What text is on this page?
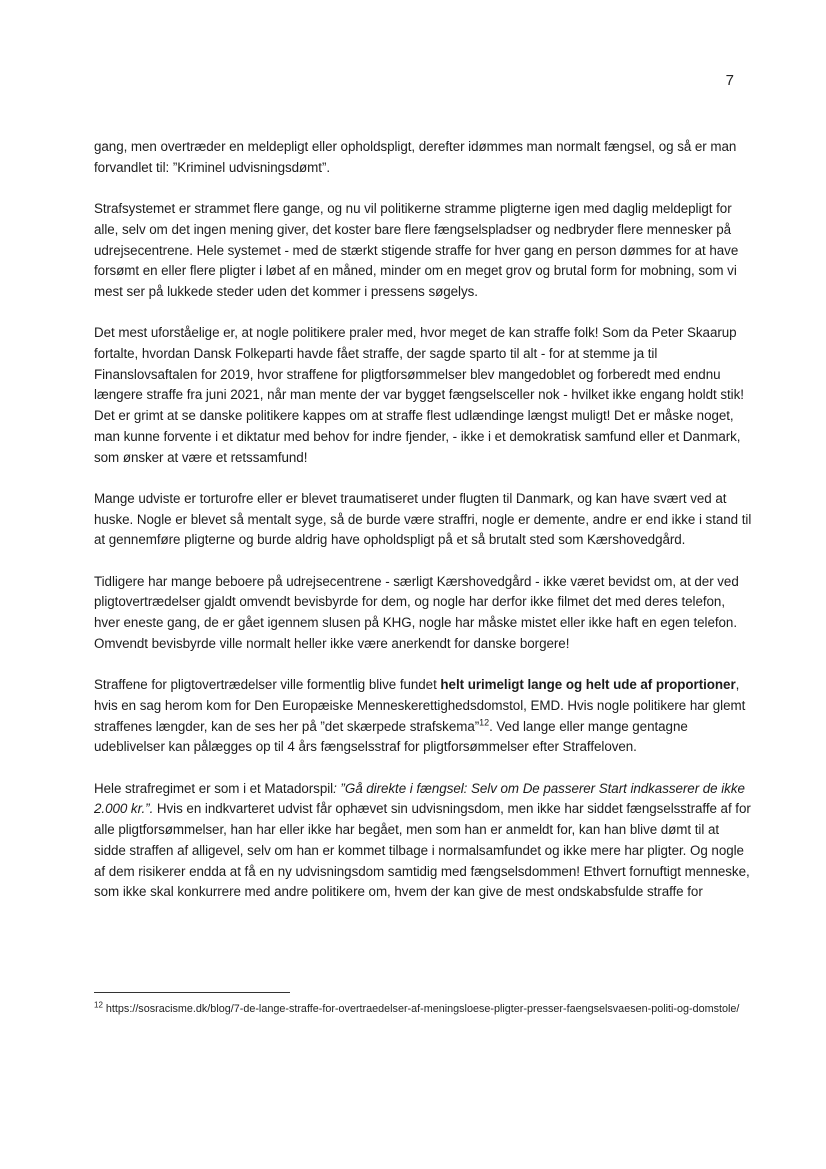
7

gang, men overtræder en meldepligt eller opholdspligt, derefter idømmes man normalt fængsel, og så er man forvandlet til: ”Kriminel udvisningsdømt”.

Strafsystemet er strammet flere gange, og nu vil politikerne stramme pligterne igen med daglig meldepligt for alle, selv om det ingen mening giver, det koster bare flere fængselspladser og nedbryder flere mennesker på udrejsecentrene. Hele systemet - med de stærkt stigende straffe for hver gang en person dømmes for at have forsømt en eller flere pligter i løbet af en måned, minder om en meget grov og brutal form for mobning, som vi mest ser på lukkede steder uden det kommer i pressens søgelys.

Det mest uforståelige er, at nogle politikere praler med, hvor meget de kan straffe folk! Som da Peter Skaarup fortalte, hvordan Dansk Folkeparti havde fået straffe, der sagde sparto til alt - for at stemme ja til Finanslovsaftalen for 2019, hvor straffene for pligtforsømmelser blev mangedoblet og forberedt med endnu længere straffe fra juni 2021, når man mente der var bygget fængselsceller nok - hvilket ikke engang holdt stik! Det er grimt at se danske politikere kappes om at straffe flest udlændinge længst muligt! Det er måske noget, man kunne forvente i et diktatur med behov for indre fjender, - ikke i et demokratisk samfund eller et Danmark, som ønsker at være et retssamfund!

Mange udviste er torturofre eller er blevet traumatiseret under flugten til Danmark, og kan have svært ved at huske. Nogle er blevet så mentalt syge, så de burde være straffri, nogle er demente, andre er end ikke i stand til at gennemføre pligterne og burde aldrig have opholdspligt på et så brutalt sted som Kærshovedgård.

Tidligere har mange beboere på udrejsecentrene - særligt Kærshovedgård - ikke været bevidst om, at der ved pligtovertrædelser gjaldt omvendt bevisbyrde for dem, og nogle har derfor ikke filmet det med deres telefon, hver eneste gang, de er gået igennem slusen på KHG, nogle har måske mistet eller ikke haft en egen telefon. Omvendt bevisbyrde ville normalt heller ikke være anerkendt for danske borgere!

Straffene for pligtovertrædelser ville formentlig blive fundet helt urimeligt lange og helt ude af proportioner, hvis en sag herom kom for Den Europæiske Menneskerettighedsdomstol, EMD. Hvis nogle politikere har glemt straffenes længder, kan de ses her på ”det skærpede strafskema”$^{12}$. Ved lange eller mange gentagne udeblivelser kan pålægges op til 4 års fængselsstraf for pligtforsømmelser efter Straffeloven.

Hele strafregimet er som i et Matadorspil: ”Gå direkte i fængsel: Selv om De passerer Start indkasserer de ikke 2.000 kr.”. Hvis en indkvarteret udvist får ophævet sin udvisningsdom, men ikke har siddet fængselsstraffe af for alle pligtforsømmelser, han har eller ikke har begået, men som han er anmeldt for, kan han blive dømt til at sidde straffen af alligevel, selv om han er kommet tilbage i normalsamfundet og ikke mere har pligter. Og nogle af dem risikerer endda at få en ny udvisningsdom samtidig med fængselsdommen! Ethvert fornuftigt menneske, som ikke skal konkurrere med andre politikere om, hvem der kan give de mest ondskabsfulde straffe for

$^{12}$ https://sosracisme.dk/blog/7-de-lange-straffe-for-overtraedelser-af-meningsloese-pligter-presser-faengselsvaesen-politi-og-domstole/
